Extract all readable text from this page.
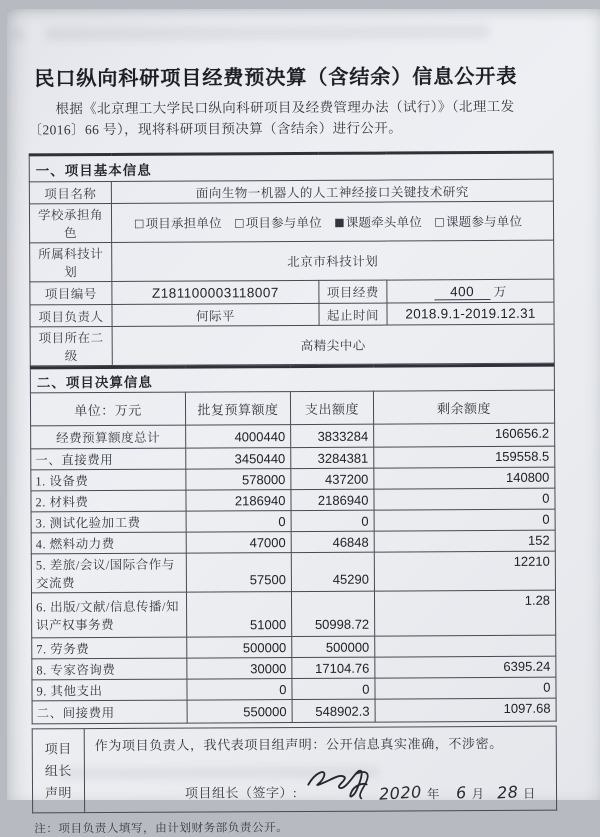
民口纵向科研项目经费预决算（含结余）信息公开表

根据《北京理工大学民口纵向科研项目及经费管理办法（试行）》（北理工发〔2016〕66 号），现将科研项目预决算（含结余）进行公开。

一、项目基本信息			
项目名称	面向生物一机器人的人工神经接口关键技术研究		
学校承担角色	□项目承担单位 □项目参与单位 ■课题牵头单位 □课题参与单位		
所属科技计划	北京市科技计划		
项目编号	Z181100003118007	项目经费	400 万
项目负责人	何际平	起止时间	2018.9.1-2019.12.31
项目所在二级	高精尖中心		
二、项目决算信息			
单位：万元	批复预算额度	支出额度	剩余额度
经费预算额度总计	4000440	3833284	160656.2
一、直接费用	3450440	3284381	159558.5
1. 设备费	578000	437200	140800
2. 材料费	2186940	2186940	0
3. 测试化验加工费	0	0	0
4. 燃料动力费	47000	46848	152
5. 差旅/会议/国际合作与交流费	57500	45290	12210
6. 出版/文献/信息传播/知识产权事务费	51000	50998.72	1.28
7. 劳务费	500000	500000	
8. 专家咨询费	30000	17104.76	6395.24
9. 其他支出	0	0	0
二、间接费用	550000	548902.3	1097.68
项目
组长
声明

作为项目负责人，我代表项目组声明：公开信息真实准确，不涉密。
项目组长（签字）:	2020 年 6 月 28 日
注：项目负责人填写，由计划财务部负责公开。
